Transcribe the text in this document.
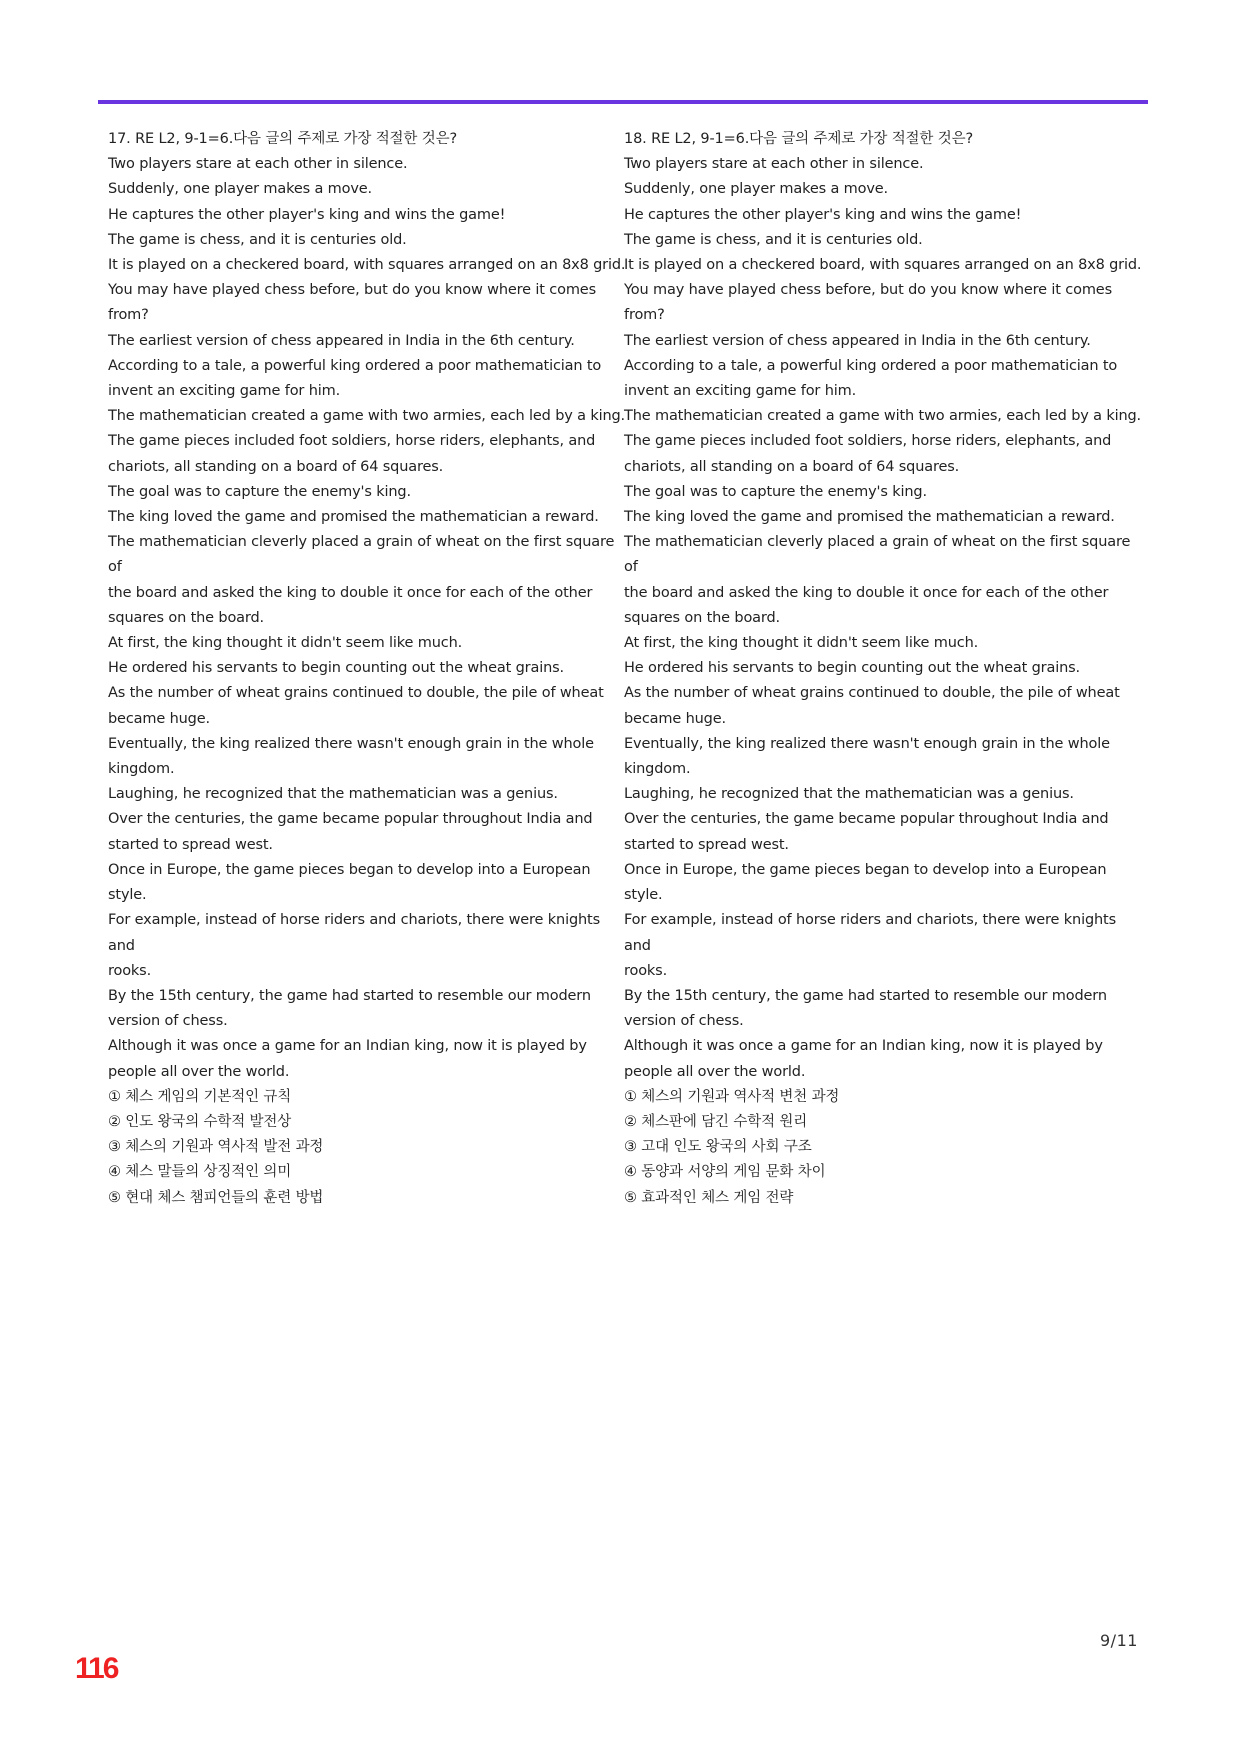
17. RE L2, 9-1=6.다음 글의 주제로 가장 적절한 것은?

Two players stare at each other in silence.

Suddenly, one player makes a move.

He captures the other player's king and wins the game!

The game is chess, and it is centuries old.

It is played on a checkered board, with squares arranged on an 8x8 grid.

You may have played chess before, but do you know where it comes

from?

The earliest version of chess appeared in India in the 6th century.

According to a tale, a powerful king ordered a poor mathematician to

invent an exciting game for him.

The mathematician created a game with two armies, each led by a king.

The game pieces included foot soldiers, horse riders, elephants, and

chariots, all standing on a board of 64 squares.

The goal was to capture the enemy's king.

The king loved the game and promised the mathematician a reward.

The mathematician cleverly placed a grain of wheat on the first square of

the board and asked the king to double it once for each of the other

squares on the board.

At first, the king thought it didn't seem like much.

He ordered his servants to begin counting out the wheat grains.

As the number of wheat grains continued to double, the pile of wheat

became huge.

Eventually, the king realized there wasn't enough grain in the whole

kingdom.

Laughing, he recognized that the mathematician was a genius.

Over the centuries, the game became popular throughout India and

started to spread west.

Once in Europe, the game pieces began to develop into a European style.

For example, instead of horse riders and chariots, there were knights and

rooks.

By the 15th century, the game had started to resemble our modern

version of chess.

Although it was once a game for an Indian king, now it is played by

people all over the world.

① 체스 게임의 기본적인 규칙

② 인도 왕국의 수학적 발전상

③ 체스의 기원과 역사적 발전 과정

④ 체스 말들의 상징적인 의미

⑤ 현대 체스 챔피언들의 훈련 방법

18. RE L2, 9-1=6.다음 글의 주제로 가장 적절한 것은?

Two players stare at each other in silence.

Suddenly, one player makes a move.

He captures the other player's king and wins the game!

The game is chess, and it is centuries old.

It is played on a checkered board, with squares arranged on an 8x8 grid.

You may have played chess before, but do you know where it comes

from?

The earliest version of chess appeared in India in the 6th century.

According to a tale, a powerful king ordered a poor mathematician to

invent an exciting game for him.

The mathematician created a game with two armies, each led by a king.

The game pieces included foot soldiers, horse riders, elephants, and

chariots, all standing on a board of 64 squares.

The goal was to capture the enemy's king.

The king loved the game and promised the mathematician a reward.

The mathematician cleverly placed a grain of wheat on the first square of

the board and asked the king to double it once for each of the other

squares on the board.

At first, the king thought it didn't seem like much.

He ordered his servants to begin counting out the wheat grains.

As the number of wheat grains continued to double, the pile of wheat

became huge.

Eventually, the king realized there wasn't enough grain in the whole

kingdom.

Laughing, he recognized that the mathematician was a genius.

Over the centuries, the game became popular throughout India and

started to spread west.

Once in Europe, the game pieces began to develop into a European style.

For example, instead of horse riders and chariots, there were knights and

rooks.

By the 15th century, the game had started to resemble our modern

version of chess.

Although it was once a game for an Indian king, now it is played by

people all over the world.

① 체스의 기원과 역사적 변천 과정

② 체스판에 담긴 수학적 원리

③ 고대 인도 왕국의 사회 구조

④ 동양과 서양의 게임 문화 차이

⑤ 효과적인 체스 게임 전략

9/11
116
